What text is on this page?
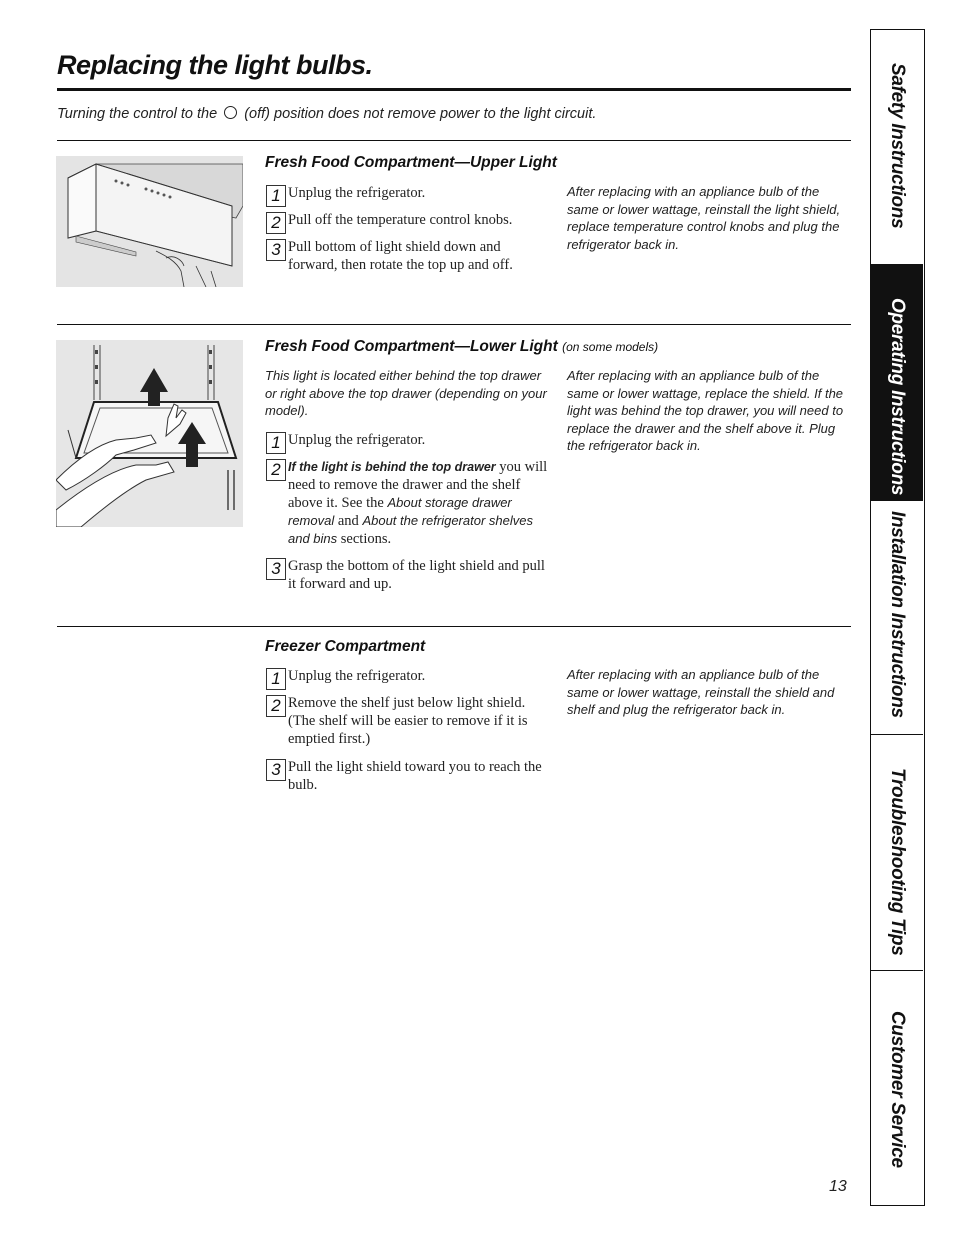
Replacing the light bulbs.
Turning the control to the (off) position does not remove power to the light circuit.
Fresh Food Compartment—Upper Light
1 Unplug the refrigerator.
2 Pull off the temperature control knobs.
3 Pull bottom of light shield down and forward, then rotate the top up and off.
After replacing with an appliance bulb of the same or lower wattage, reinstall the light shield, replace temperature control knobs and plug the refrigerator back in.
Fresh Food Compartment—Lower Light (on some models)
This light is located either behind the top drawer or right above the top drawer (depending on your model).
1 Unplug the refrigerator.
2 If the light is behind the top drawer you will need to remove the drawer and the shelf above it. See the About storage drawer removal and About the refrigerator shelves and bins sections.
3 Grasp the bottom of the light shield and pull it forward and up.
After replacing with an appliance bulb of the same or lower wattage, replace the shield. If the light was behind the top drawer, you will need to replace the drawer and the shelf above it. Plug the refrigerator back in.
Freezer Compartment
1 Unplug the refrigerator.
2 Remove the shelf just below light shield. (The shelf will be easier to remove if it is emptied first.)
3 Pull the light shield toward you to reach the bulb.
After replacing with an appliance bulb of the same or lower wattage, reinstall the shield and shelf and plug the refrigerator back in.
Safety Instructions
Operating Instructions
Installation Instructions
Troubleshooting Tips
Customer Service
13
